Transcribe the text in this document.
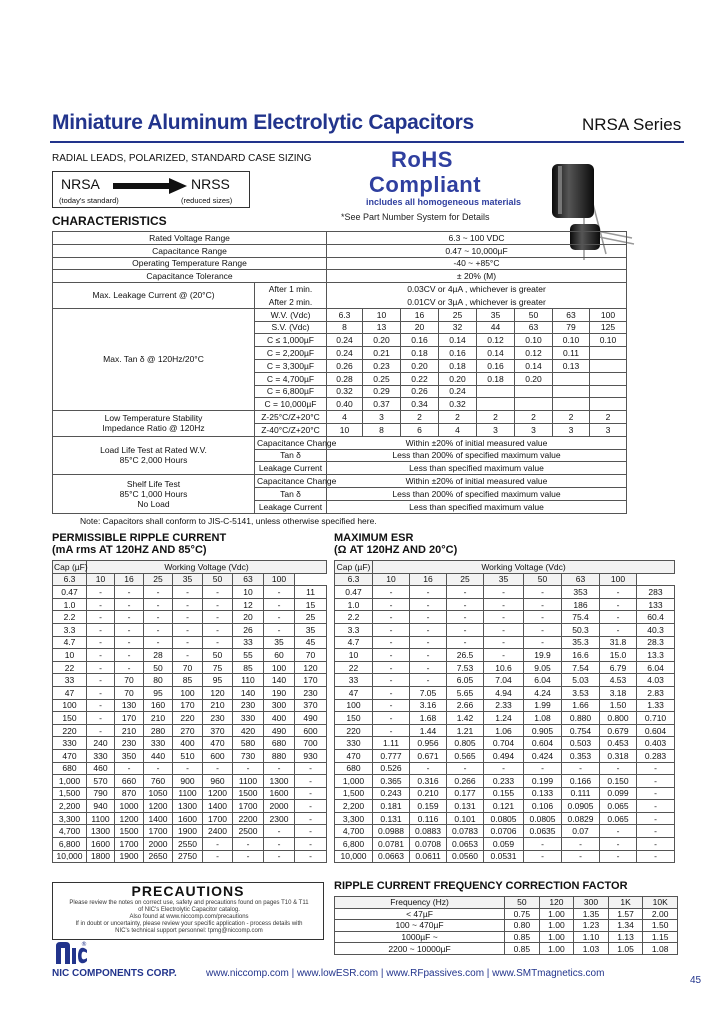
Miniature Aluminum Electrolytic Capacitors	NRSA Series
RADIAL LEADS, POLARIZED, STANDARD CASE SIZING
NRSA	NRSS
(today's standard)	(reduced sizes)
RoHS
Compliant
includes all homogeneous materials
*See Part Number System for Details
CHARACTERISTICS
Rated Voltage Range		6.3 ~ 100 VDC							
Capacitance Range		0.47 ~ 10,000µF							
Operating Temperature Range		-40 ~ +85°C							
Capacitance Tolerance		± 20% (M)							
Max. Leakage Current @ (20°C)	After 1 min.	0.03CV or 4µA , whichever is greater							
	After 2 min.	0.01CV or 3µA , whichever is greater							
Max. Tan δ @ 120Hz/20°C	W.V. (Vdc)	6.3	10	16	25	35	50	63	100
	S.V. (Vdc)	8	13	20	32	44	63	79	125
	C ≤ 1,000µF	0.24	0.20	0.16	0.14	0.12	0.10	0.10	0.10
	C = 2,200µF	0.24	0.21	0.18	0.16	0.14	0.12	0.11	
	C = 3,300µF	0.26	0.23	0.20	0.18	0.16	0.14	0.13	
	C = 4,700µF	0.28	0.25	0.22	0.20	0.18	0.20		
	C = 6,800µF	0.32	0.29	0.26	0.24				
	C = 10,000µF	0.40	0.37	0.34	0.32				
Low Temperature Stability
Impedance Ratio @ 120Hz	Z-25°C/Z+20°C	4	3	2	2	2	2	2	2
	Z-40°C/Z+20°C	10	8	6	4	3	3	3	3
Load Life Test at Rated W.V.
85°C 2,000 Hours	Capacitance Change	Within ±20% of initial measured value							
	Tan δ	Less than 200% of specified maximum value							
	Leakage Current	Less than specified maximum value							
Shelf Life Test
85°C 1,000 Hours
No Load	Capacitance Change	Within ±20% of initial measured value							
	Tan δ	Less than 200% of specified maximum value							
	Leakage Current	Less than specified maximum value							
Note: Capacitors shall conform to JIS-C-5141, unless otherwise specified here.
PERMISSIBLE RIPPLE CURRENT
(mA rms AT 120HZ AND 85°C)
Cap (µF)	Working Voltage (Vdc)							
6.3	10	16	25	35	50	63	100	
0.47	-	-	-	-	-	10	-	11
1.0	-	-	-	-	-	12	-	15
2.2	-	-	-	-	-	20	-	25
3.3	-	-	-	-	-	26	-	35
4.7	-	-	-	-	-	33	35	45
10	-	-	28	-	50	55	60	70
22	-	-	50	70	75	85	100	120
33	-	70	80	85	95	110	140	170
47	-	70	95	100	120	140	190	230
100	-	130	160	170	210	230	300	370
150	-	170	210	220	230	330	400	490
220	-	210	280	270	370	420	490	600
330	240	230	330	400	470	580	680	700
470	330	350	440	510	600	730	880	930
680	460	-	-	-	-	-	-	-
1,000	570	660	760	900	960	1100	1300	-
1,500	790	870	1050	1100	1200	1500	1600	-
2,200	940	1000	1200	1300	1400	1700	2000	-
3,300	1100	1200	1400	1600	1700	2200	2300	-
4,700	1300	1500	1700	1900	2400	2500	-	-
6,800	1600	1700	2000	2550	-	-	-	-
10,000	1800	1900	2650	2750	-	-	-	-
MAXIMUM ESR
(Ω AT 120HZ AND 20°C)
Cap (µF)	Working Voltage (Vdc)							
6.3	10	16	25	35	50	63	100	
0.47	-	-	-	-	-	353	-	283
1.0	-	-	-	-	-	186	-	133
2.2	-	-	-	-	-	75.4	-	60.4
3.3	-	-	-	-	-	50.3	-	40.3
4.7	-	-	-	-	-	35.3	31.8	28.3
10	-	-	26.5	-	19.9	16.6	15.0	13.3
22	-	-	7.53	10.6	9.05	7.54	6.79	6.04
33	-	-	6.05	7.04	6.04	5.03	4.53	4.03
47	-	7.05	5.65	4.94	4.24	3.53	3.18	2.83
100	-	3.16	2.66	2.33	1.99	1.66	1.50	1.33
150	-	1.68	1.42	1.24	1.08	0.880	0.800	0.710
220	-	1.44	1.21	1.06	0.905	0.754	0.679	0.604
330	1.11	0.956	0.805	0.704	0.604	0.503	0.453	0.403
470	0.777	0.671	0.565	0.494	0.424	0.353	0.318	0.283
680	0.526	-	-	-	-	-	-	-
1,000	0.365	0.316	0.266	0.233	0.199	0.166	0.150	-
1,500	0.243	0.210	0.177	0.155	0.133	0.111	0.099	-
2,200	0.181	0.159	0.131	0.121	0.106	0.0905	0.065	-
3,300	0.131	0.116	0.101	0.0805	0.0805	0.0829	0.065	-
4,700	0.0988	0.0883	0.0783	0.0706	0.0635	0.07	-	-
6,800	0.0781	0.0708	0.0653	0.059	-	-	-	-
10,000	0.0663	0.0611	0.0560	0.0531	-	-	-	-
PRECAUTIONS
Please review the notes on correct use, safety and precautions found on pages T10 & T11
of NIC's Electrolytic Capacitor catalog.
Also found at www.niccomp.com/precautions
If in doubt or uncertainty, please review your specific application - process details with
NIC's technical support personnel: tpmg@niccomp.com
RIPPLE CURRENT FREQUENCY CORRECTION FACTOR
Frequency (Hz)	50	120	300	1K	10K
< 47µF	0.75	1.00	1.35	1.57	2.00
100 ~ 470µF	0.80	1.00	1.23	1.34	1.50
1000µF ~	0.85	1.00	1.10	1.13	1.15
2200 ~ 10000µF	0.85	1.00	1.03	1.05	1.08
®
NIC COMPONENTS CORP.	www.niccomp.com | www.lowESR.com | www.RFpassives.com | www.SMTmagnetics.com
45
